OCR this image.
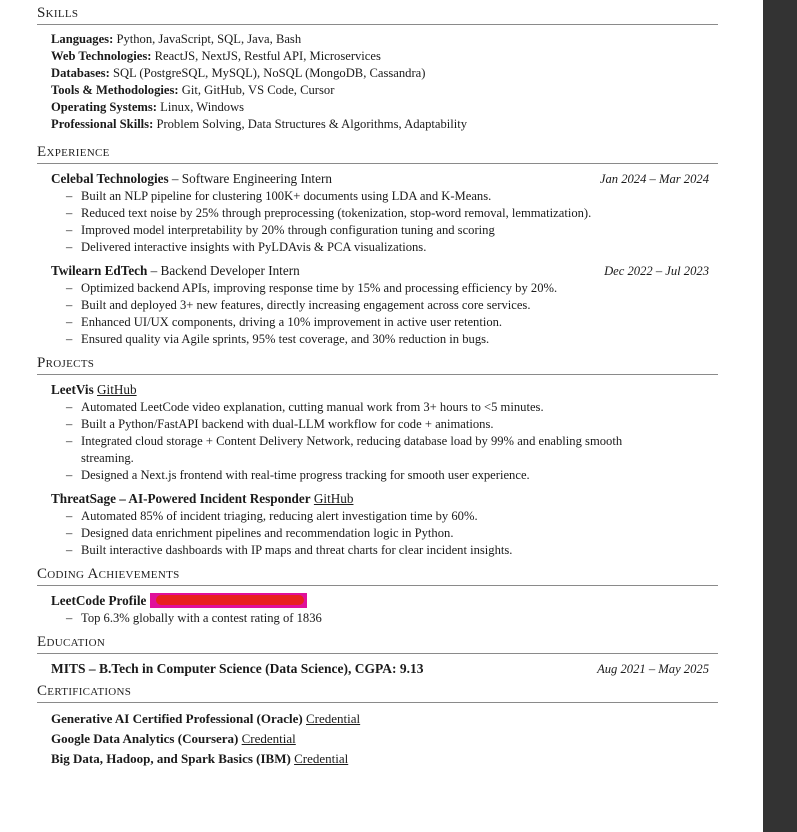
Skills
Languages: Python, JavaScript, SQL, Java, Bash
Web Technologies: ReactJS, NextJS, Restful API, Microservices
Databases: SQL (PostgreSQL, MySQL), NoSQL (MongoDB, Cassandra)
Tools & Methodologies: Git, GitHub, VS Code, Cursor
Operating Systems: Linux, Windows
Professional Skills: Problem Solving, Data Structures & Algorithms, Adaptability
Experience
Celebal Technologies – Software Engineering Intern	Jan 2024 – Mar 2024
– Built an NLP pipeline for clustering 100K+ documents using LDA and K-Means.
– Reduced text noise by 25% through preprocessing (tokenization, stop-word removal, lemmatization).
– Improved model interpretability by 20% through configuration tuning and scoring
– Delivered interactive insights with PyLDAvis & PCA visualizations.
Twilearn EdTech – Backend Developer Intern	Dec 2022 – Jul 2023
– Optimized backend APIs, improving response time by 15% and processing efficiency by 20%.
– Built and deployed 3+ new features, directly increasing engagement across core services.
– Enhanced UI/UX components, driving a 10% improvement in active user retention.
– Ensured quality via Agile sprints, 95% test coverage, and 30% reduction in bugs.
Projects
LeetVis GitHub
– Automated LeetCode video explanation, cutting manual work from 3+ hours to <5 minutes.
– Built a Python/FastAPI backend with dual-LLM workflow for code + animations.
– Integrated cloud storage + Content Delivery Network, reducing database load by 99% and enabling smooth streaming.
– Designed a Next.js frontend with real-time progress tracking for smooth user experience.
ThreatSage – AI-Powered Incident Responder GitHub
– Automated 85% of incident triaging, reducing alert investigation time by 60%.
– Designed data enrichment pipelines and recommendation logic in Python.
– Built interactive dashboards with IP maps and threat charts for clear incident insights.
Coding Achievements
LeetCode Profile
– Top 6.3% globally with a contest rating of 1836
Education
MITS – B.Tech in Computer Science (Data Science), CGPA: 9.13	Aug 2021 – May 2025
Certifications
Generative AI Certified Professional (Oracle) Credential
Google Data Analytics (Coursera) Credential
Big Data, Hadoop, and Spark Basics (IBM) Credential
